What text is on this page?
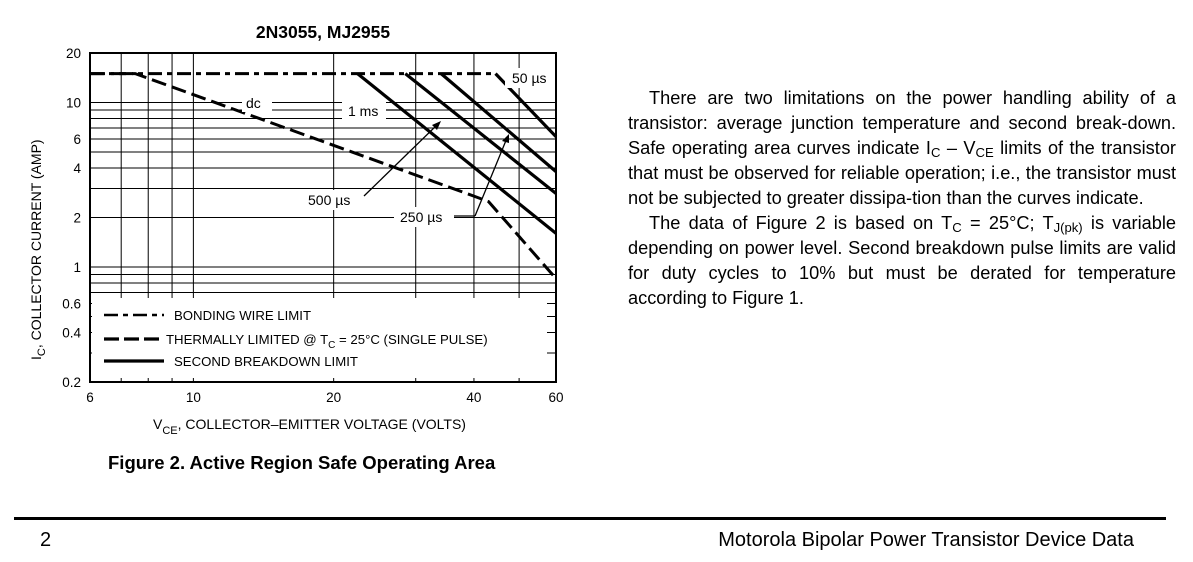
2N3055, MJ2955
BONDING WIRE LIMIT
THERMALLY LIMITED @ $T_C = 25^\circ C$ (SINGLE PULSE)
SECOND BREAKDOWN LIMIT
dc	1 ms
50 µs
500 µs
250 µs
0.2
0.4
0.6
1
2
4
6
10
20
6	10	20	40	60
$I_C$, COLLECTOR CURRENT (AMP)
$V_{CE}$, COLLECTOR–EMITTER VOLTAGE (VOLTS)
Figure 2. Active Region Safe Operating Area

There are two limitations on the power handling ability of a transistor: average junction temperature and second break-down. Safe operating area curves indicate $I_C - V_{CE}$ limits of the transistor that must be observed for reliable operation; i.e., the transistor must not be subjected to greater dissipa-tion than the curves indicate.

The data of Figure 2 is based on $T_C = 25^\circ C$; $T_{J(pk)}$ is variable depending on power level. Second breakdown pulse limits are valid for duty cycles to 10% but must be derated for temperature according to Figure 1.

2	Motorola Bipolar Power Transistor Device Data
